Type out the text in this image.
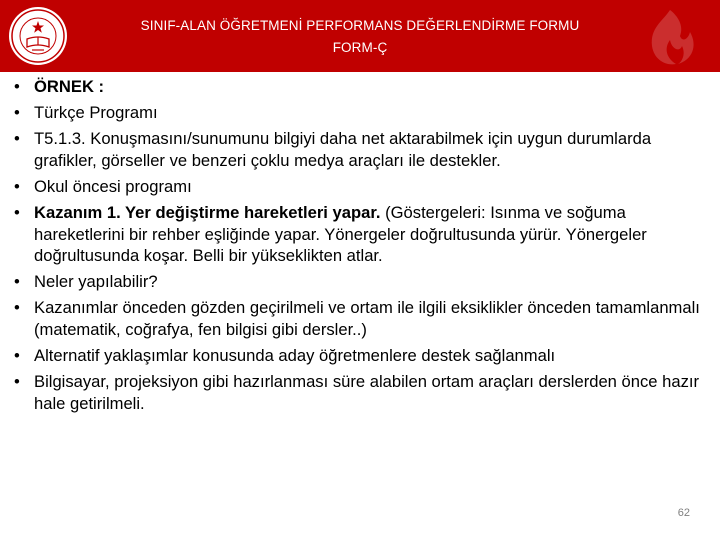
SINIF-ALAN ÖĞRETMENİ PERFORMANS DEĞERLENDİRME FORMU
FORM-Ç
• ÖRNEK :
• Türkçe Programı
• T5.1.3. Konuşmasını/sunumunu bilgiyi daha net aktarabilmek için uygun durumlarda grafikler, görseller ve benzeri çoklu medya araçları ile destekler.
• Okul öncesi programı
• Kazanım 1. Yer değiştirme hareketleri yapar. (Göstergeleri: Isınma ve soğuma hareketlerini bir rehber eşliğinde yapar. Yönergeler doğrultusunda yürür. Yönergeler doğrultusunda koşar. Belli bir yükseklikten atlar.
• Neler yapılabilir?
• Kazanımlar önceden gözden geçirilmeli ve ortam ile ilgili eksiklikler önceden tamamlanmalı (matematik, coğrafya, fen bilgisi gibi dersler..)
• Alternatif yaklaşımlar konusunda aday öğretmenlere destek sağlanmalı
• Bilgisayar, projeksiyon gibi hazırlanması süre alabilen ortam araçları derslerden önce hazır hale getirilmeli.
62
